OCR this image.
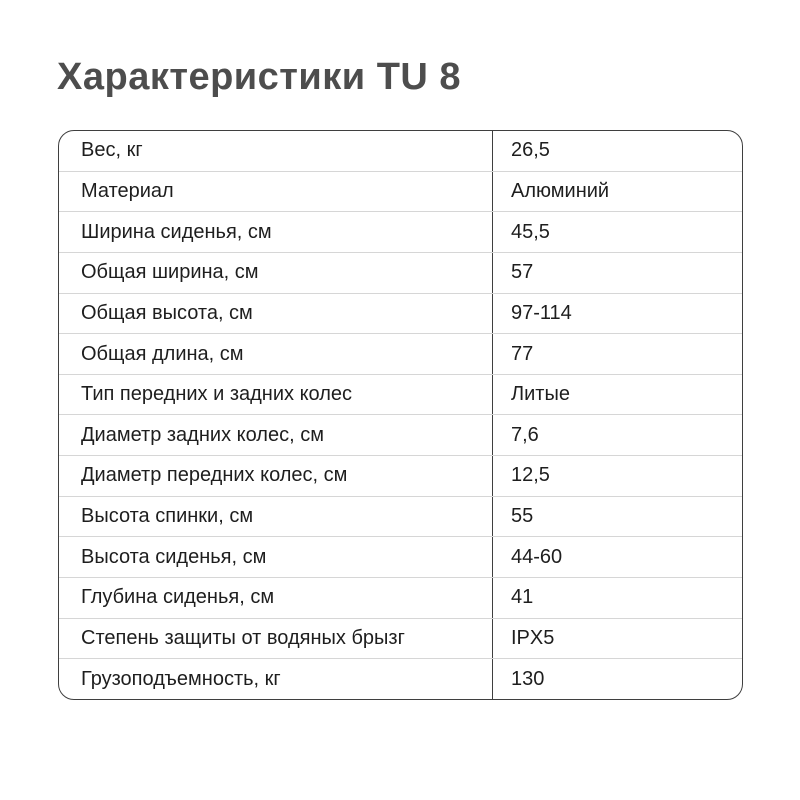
Характеристики TU 8
Вес, кг	26,5
Материал	Алюминий
Ширина сиденья, см	45,5
Общая ширина, см	57
Общая высота, см	97-114
Общая длина, см	77
Тип передних и задних колес	Литые
Диаметр задних колес, см	7,6
Диаметр передних колес, см	12,5
Высота спинки, см	55
Высота сиденья, см	44-60
Глубина сиденья, см	41
Степень защиты от водяных брызг	IPX5
Грузоподъемность, кг	130
